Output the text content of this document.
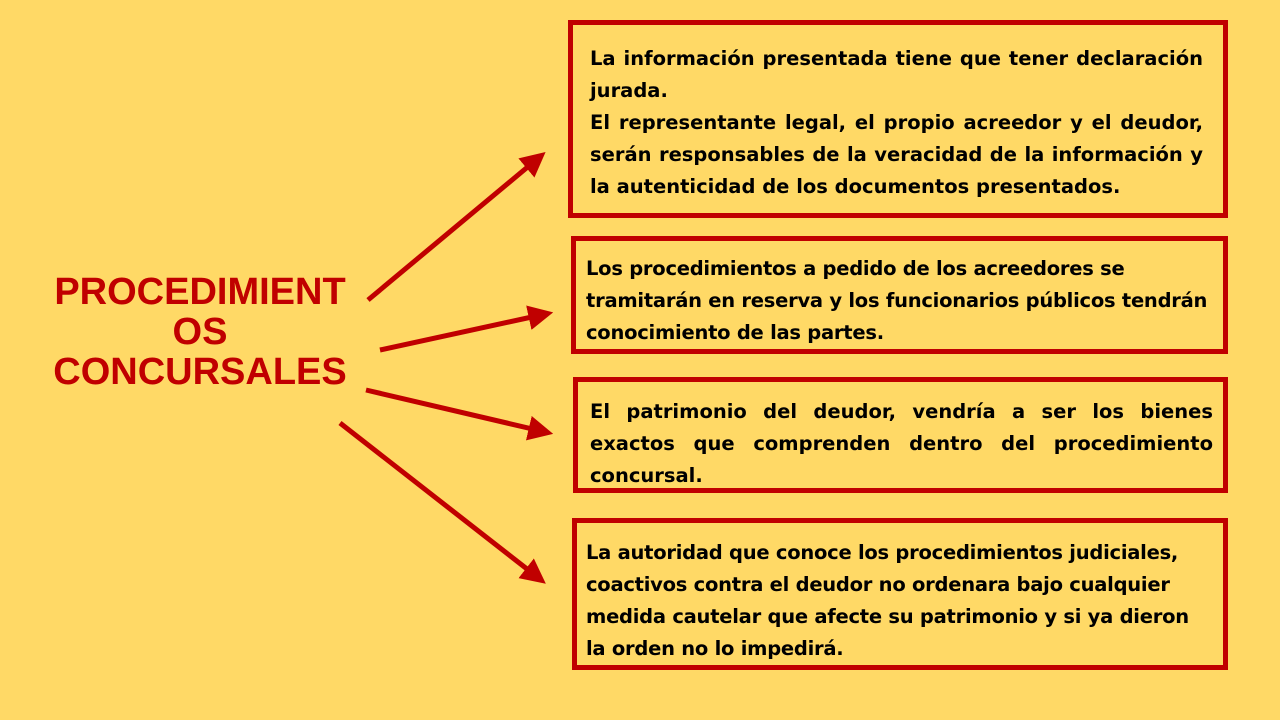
PROCEDIMIENT
OS
CONCURSALES

La información presentada tiene que tener declaración jurada.

El representante legal, el propio acreedor y el deudor, serán responsables de la veracidad de la información y la autenticidad de los documentos presentados.

Los procedimientos a pedido de los acreedores se tramitarán en reserva y los funcionarios públicos tendrán conocimiento de las partes.

El patrimonio del deudor, vendría a ser los bienes exactos que comprenden dentro del procedimiento concursal.

La autoridad que conoce los procedimientos judiciales, coactivos contra el deudor no ordenara bajo cualquier medida cautelar que afecte su patrimonio y si ya dieron la orden no lo impedirá.
